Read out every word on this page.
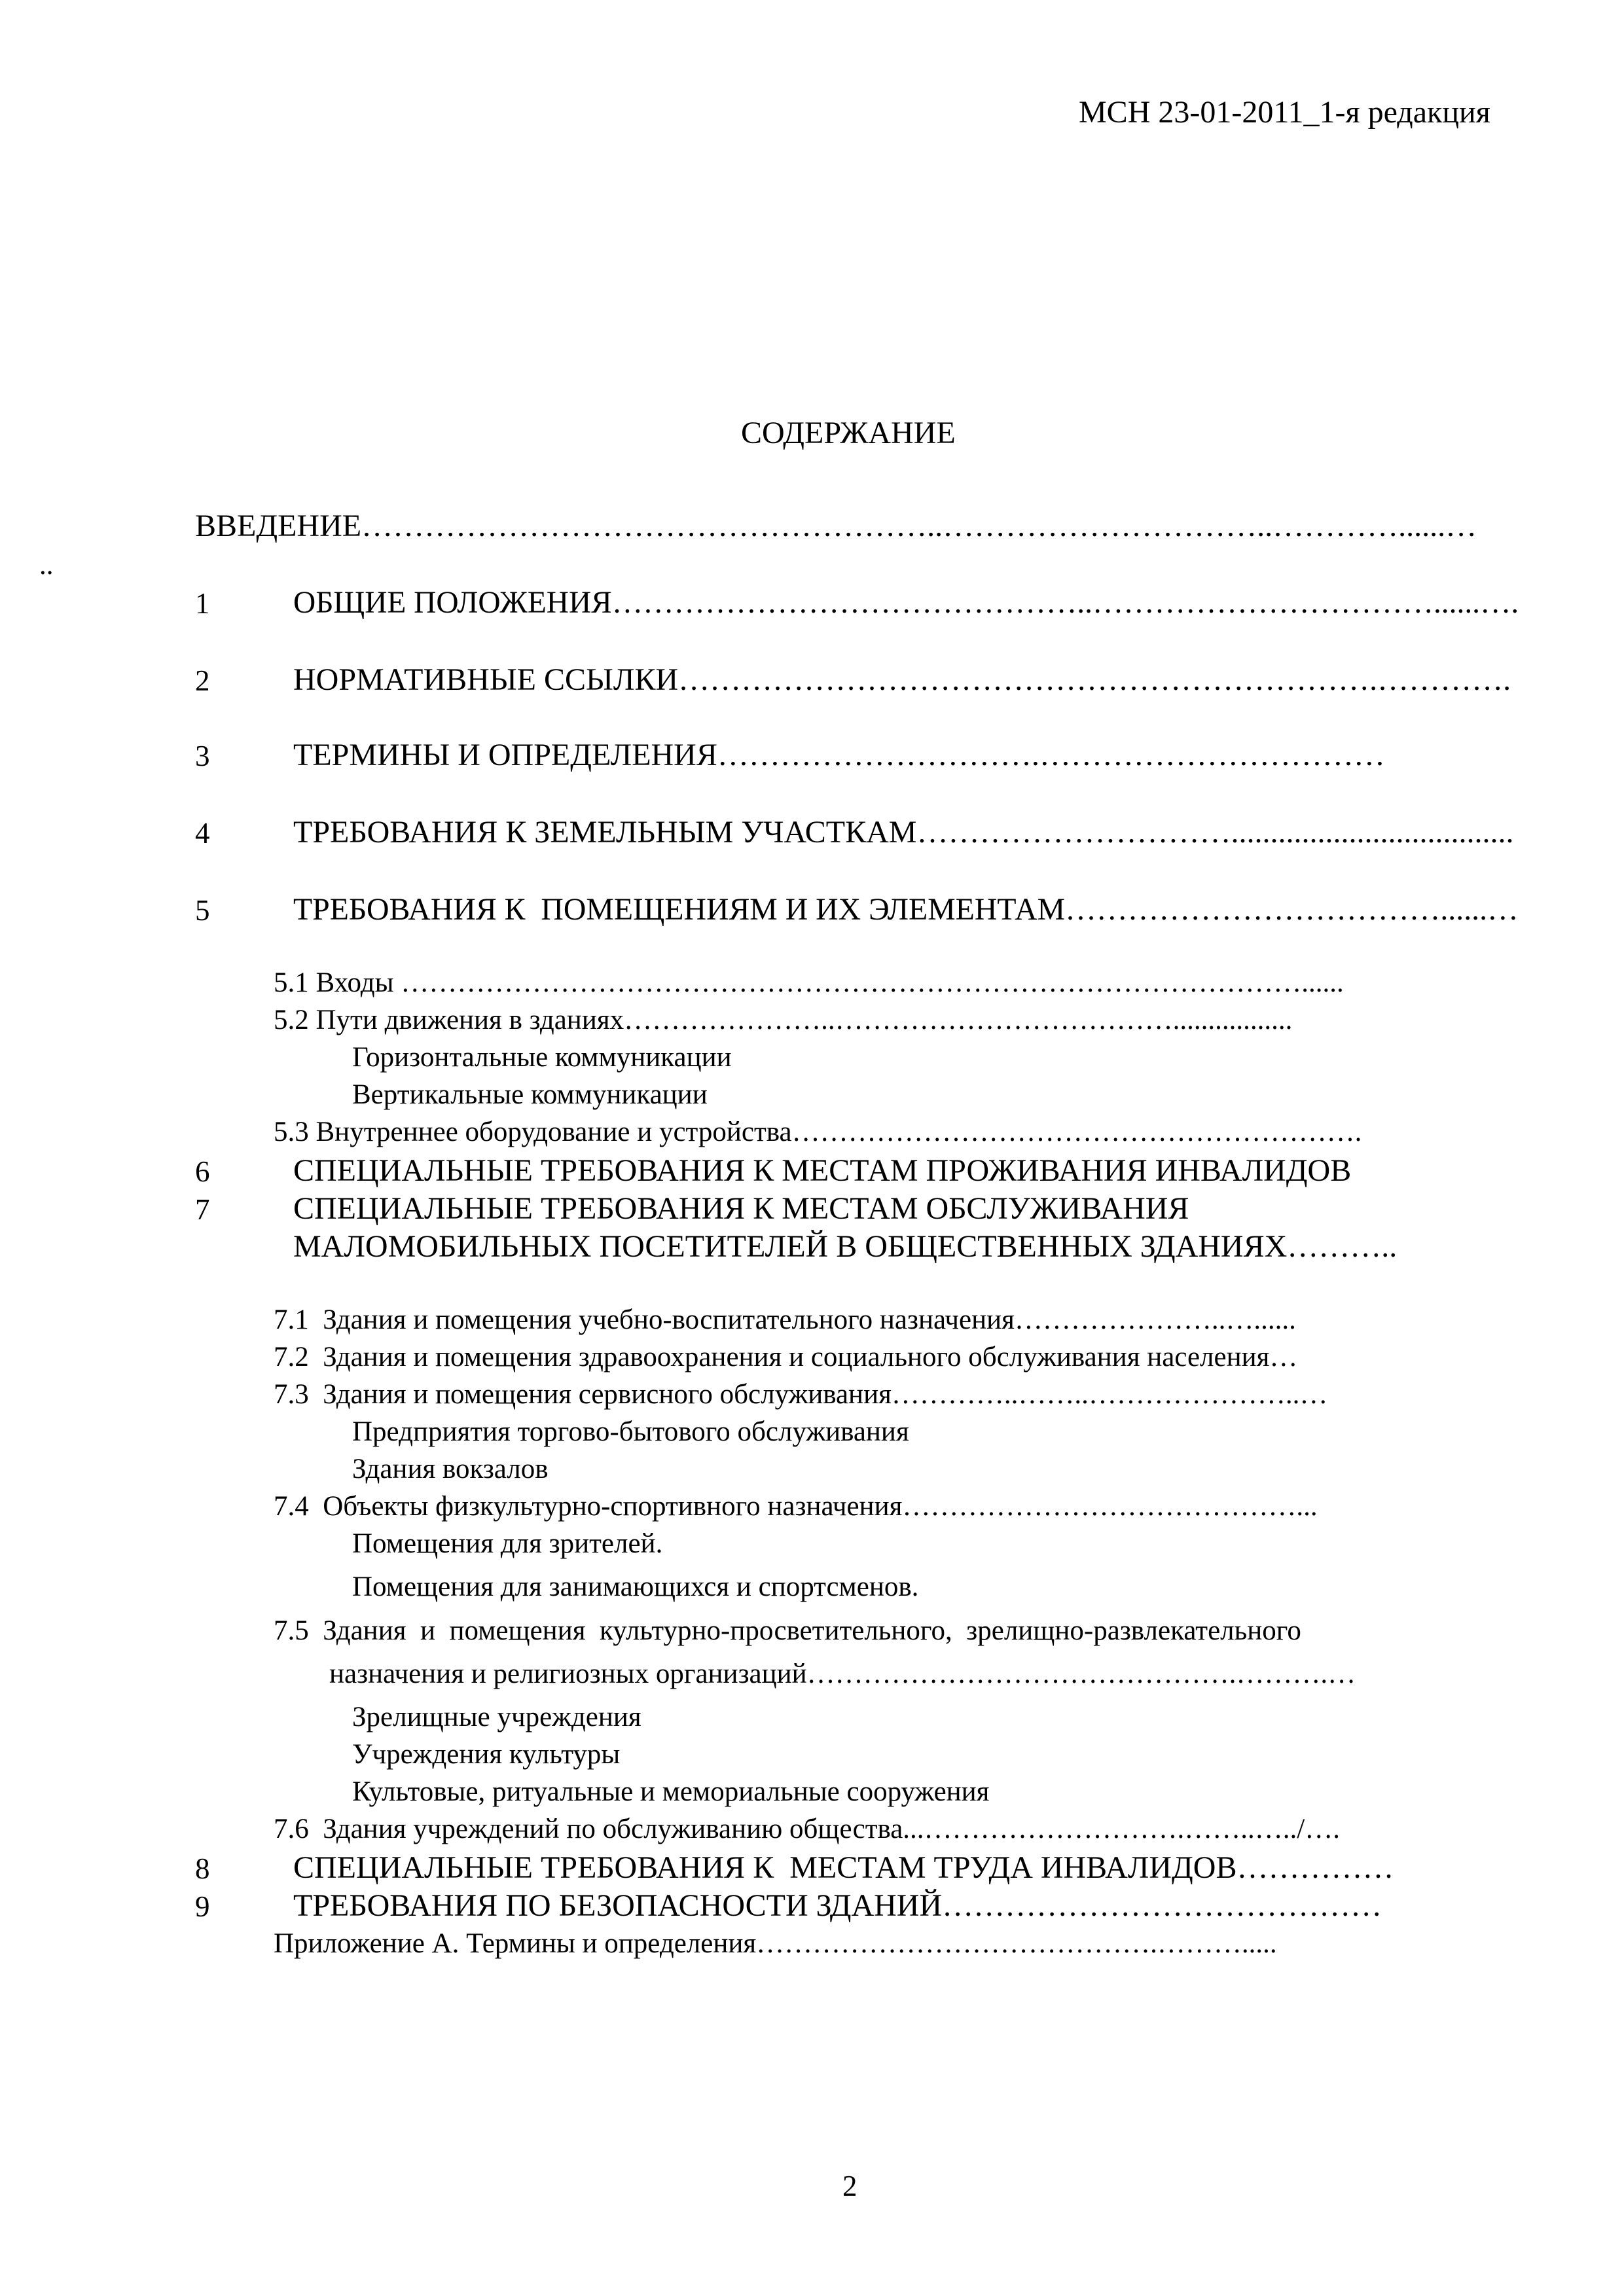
МСН 23-01-2011_1-я редакция
СОДЕРЖАНИЕ
..
ВВЕДЕНИЕ………………………………………………..…………………………..…………......…
1	ОБЩИЕ ПОЛОЖЕНИЯ………………………………………..……………………………......….
2	НОРМАТИВНЫЕ ССЫЛКИ………………………………………………………….………….
3	ТЕРМИНЫ И ОПРЕДЕЛЕНИЯ………………………….……………………………
4	ТРЕБОВАНИЯ К ЗЕМЕЛЬНЫМ УЧАСТКАМ…………………………....................................
5	ТРЕБОВАНИЯ К  ПОМЕЩЕНИЯМ И ИХ ЭЛЕМЕНТАМ………………………………......…
5.1 Входы ……………………………………………………………………………………......
5.2 Пути движения в зданиях…………………..……………………………….................
Горизонтальные коммуникации
Вертикальные коммуникации
5.3 Внутреннее оборудование и устройства…………………………………………………….
6	СПЕЦИАЛЬНЫЕ ТРЕБОВАНИЯ К МЕСТАМ ПРОЖИВАНИЯ ИНВАЛИДОВ
7	СПЕЦИАЛЬНЫЕ ТРЕБОВАНИЯ К МЕСТАМ ОБСЛУЖИВАНИЯ
МАЛОМОБИЛЬНЫХ ПОСЕТИТЕЛЕЙ В ОБЩЕСТВЕННЫХ ЗДАНИЯХ………..
7.1  Здания и помещения учебно-воспитательного назначения…………………..…......
7.2  Здания и помещения здравоохранения и социального обслуживания населения…
7.3  Здания и помещения сервисного обслуживания…………..……..…………………..…
Предприятия торгово-бытового обслуживания
Здания вокзалов
7.4  Объекты физкультурно-спортивного назначения……………………………………...
Помещения для зрителей.
Помещения для занимающихся и спортсменов.
7.5  Здания  и  помещения  культурно-просветительного,  зрелищно-развлекательного
назначения и религиозных организаций……………………………………….……….…
Зрелищные учреждения
Учреждения культуры
Культовые, ритуальные и мемориальные сооружения
7.6  Здания учреждений по обслуживанию общества...……………………….……..…../….
8	СПЕЦИАЛЬНЫЕ ТРЕБОВАНИЯ К  МЕСТАМ ТРУДА ИНВАЛИДОВ……………
9	ТРЕБОВАНИЯ ПО БЕЗОПАСНОСТИ ЗДАНИЙ……………………………………
Приложение А. Термины и определения…………………………………….……….....
2
